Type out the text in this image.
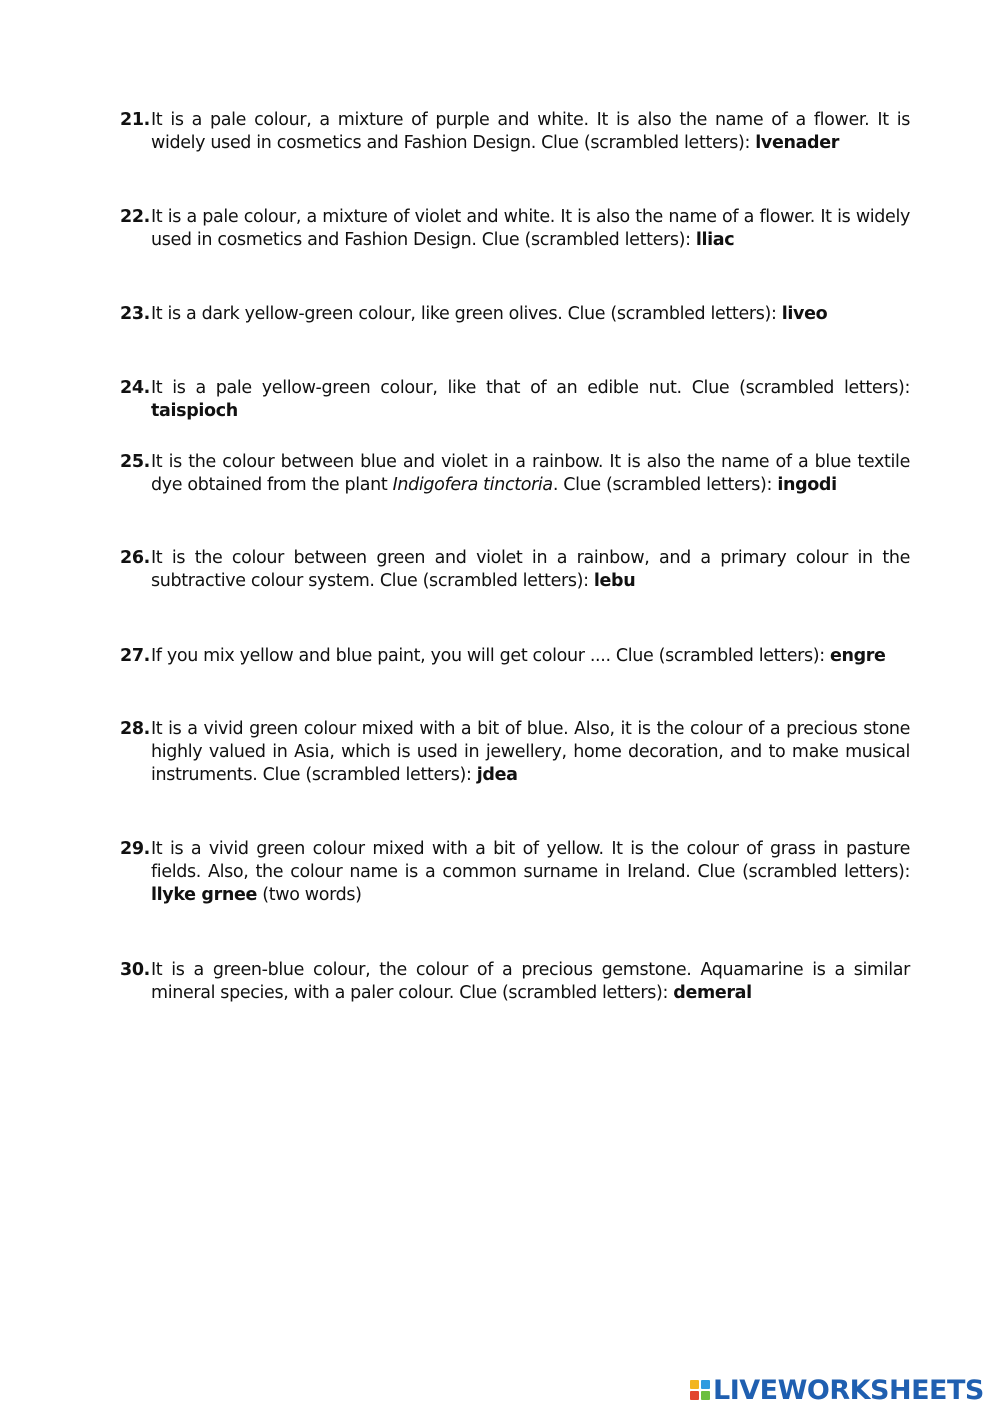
21. It is a pale colour, a mixture of purple and white. It is also the name of a flower. It is widely used in cosmetics and Fashion Design. Clue (scrambled letters): lvenader
22. It is a pale colour, a mixture of violet and white. It is also the name of a flower. It is widely used in cosmetics and Fashion Design. Clue (scrambled letters): lliac
23. It is a dark yellow-green colour, like green olives. Clue (scrambled letters): liveo
24. It is a pale yellow-green colour, like that of an edible nut. Clue (scrambled letters): taispioch
25. It is the colour between blue and violet in a rainbow. It is also the name of a blue textile dye obtained from the plant Indigofera tinctoria. Clue (scrambled letters): ingodi
26. It is the colour between green and violet in a rainbow, and a primary colour in the subtractive colour system. Clue (scrambled letters): lebu
27. If you mix yellow and blue paint, you will get colour .... Clue (scrambled letters): engre
28. It is a vivid green colour mixed with a bit of blue. Also, it is the colour of a precious stone highly valued in Asia, which is used in jewellery, home decoration, and to make musical instruments. Clue (scrambled letters): jdea
29. It is a vivid green colour mixed with a bit of yellow. It is the colour of grass in pasture fields. Also, the colour name is a common surname in Ireland. Clue (scrambled letters): llyke grnee (two words)
30. It is a green-blue colour, the colour of a precious gemstone. Aquamarine is a similar mineral species, with a paler colour. Clue (scrambled letters): demeral
LIVEWORKSHEETS
